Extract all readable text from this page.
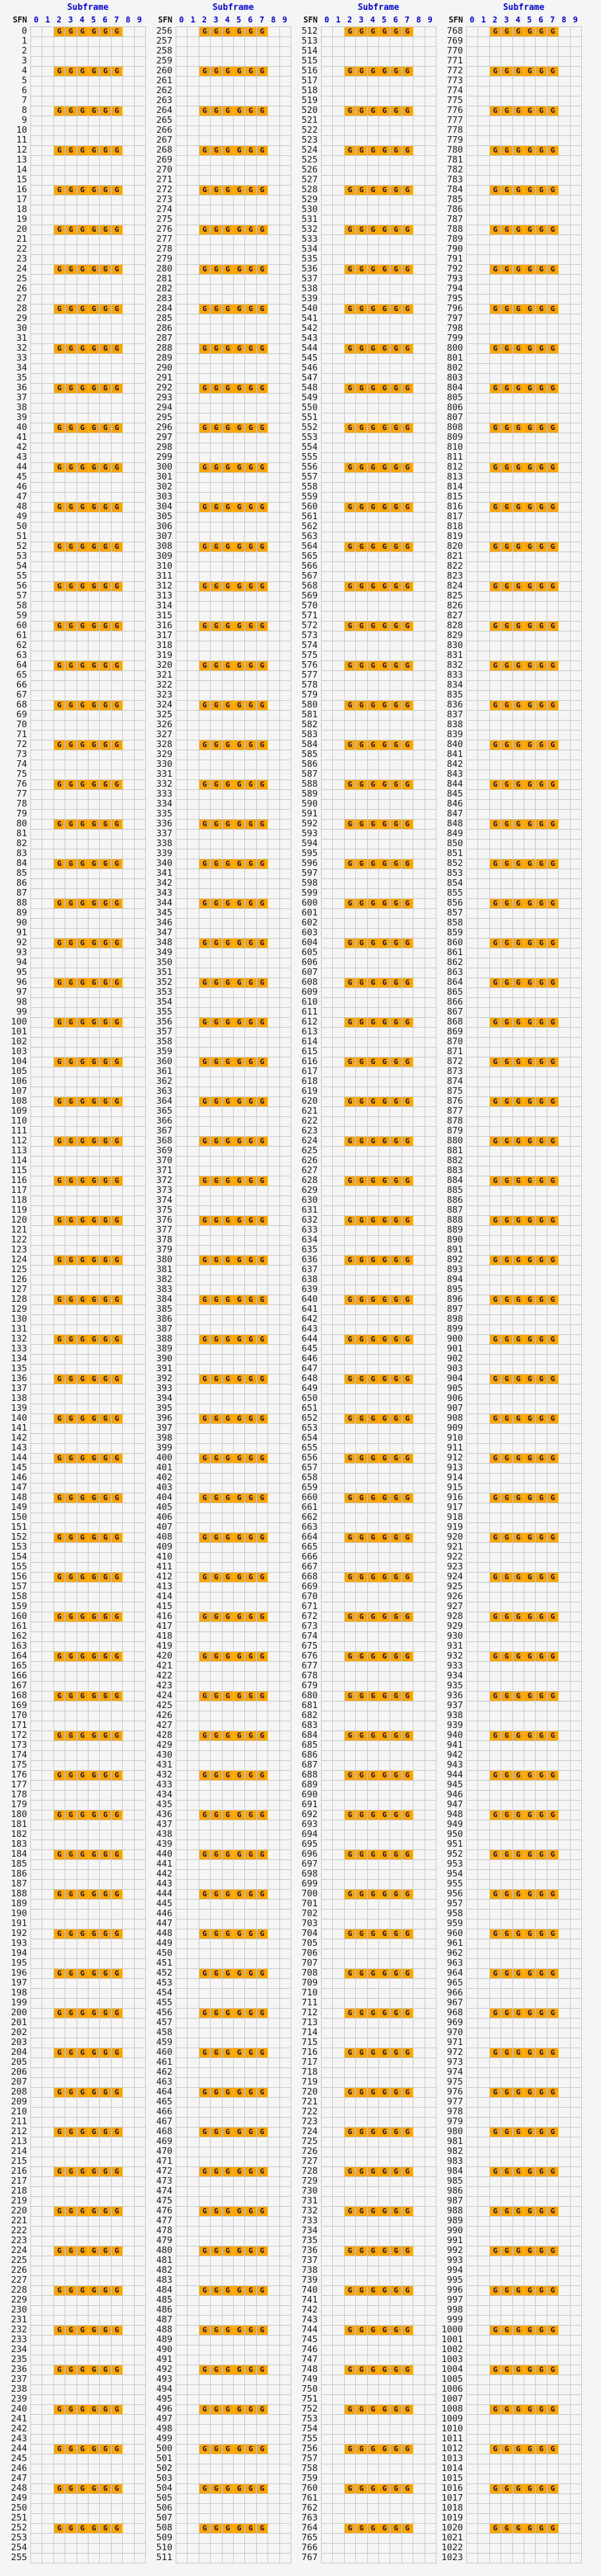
Subframe
SFN 0 1 2 3 4 5 6 7 8 9
0
1
2
3
4
5
6
7
8
9
10
11
12
13
14
15
16
17
18
19
20
21
22
23
24
25
26
27
28
29
30
31
32
33
34
35
36
37
38
39
40
41
42
43
44
45
46
47
48
49
50
51
52
53
54
55
56
57
58
59
60
61
62
63
64
65
66
67
68
69
70
71
72
73
74
75
76
77
78
79
80
81
82
83
84
85
86
87
88
89
90
91
92
93
94
95
96
97
98
99
100
101
102
103
104
105
106
107
108
109
110
111
112
113
114
115
116
117
118
119
120
121
122
123
124
125
126
127
128
129
130
131
132
133
134
135
136
137
138
139
140
141
142
143
144
145
146
147
148
149
150
151
152
153
154
155
156
157
158
159
160
161
162
163
164
165
166
167
168
169
170
171
172
173
174
175
176
177
178
179
180
181
182
183
184
185
186
187
188
189
190
191
192
193
194
195
196
197
198
199
200
201
202
203
204
205
206
207
208
209
210
211
212
213
214
215
216
217
218
219
220
221
222
223
224
225
226
227
228
229
230
231
232
233
234
235
236
237
238
239
240
241
242
243
244
245
246
247
248
249
250
251
252
253
254
255
G G G G G G
G G G G G G
G G G G G G
G G G G G G
G G G G G G
G G G G G G
G G G G G G
G G G G G G
G G G G G G
G G G G G G
G G G G G G
G G G G G G
G G G G G G
G G G G G G
G G G G G G
G G G G G G
G G G G G G
G G G G G G
G G G G G G
G G G G G G
G G G G G G
G G G G G G
G G G G G G
G G G G G G
G G G G G G
G G G G G G
G G G G G G
G G G G G G
G G G G G G
G G G G G G
G G G G G G
G G G G G G
G G G G G G
G G G G G G
G G G G G G
G G G G G G
G G G G G G
G G G G G G
G G G G G G
G G G G G G
G G G G G G
G G G G G G
G G G G G G
G G G G G G
G G G G G G
G G G G G G
G G G G G G
G G G G G G
G G G G G G
G G G G G G
G G G G G G
G G G G G G
G G G G G G
G G G G G G
G G G G G G
G G G G G G
G G G G G G
G G G G G G
G G G G G G
G G G G G G
G G G G G G
G G G G G G
G G G G G G
G G G G G G
Subframe
SFN 0 1 2 3 4 5 6 7 8 9
256
257
258
259
260
261
262
263
264
265
266
267
268
269
270
271
272
273
274
275
276
277
278
279
280
281
282
283
284
285
286
287
288
289
290
291
292
293
294
295
296
297
298
299
300
301
302
303
304
305
306
307
308
309
310
311
312
313
314
315
316
317
318
319
320
321
322
323
324
325
326
327
328
329
330
331
332
333
334
335
336
337
338
339
340
341
342
343
344
345
346
347
348
349
350
351
352
353
354
355
356
357
358
359
360
361
362
363
364
365
366
367
368
369
370
371
372
373
374
375
376
377
378
379
380
381
382
383
384
385
386
387
388
389
390
391
392
393
394
395
396
397
398
399
400
401
402
403
404
405
406
407
408
409
410
411
412
413
414
415
416
417
418
419
420
421
422
423
424
425
426
427
428
429
430
431
432
433
434
435
436
437
438
439
440
441
442
443
444
445
446
447
448
449
450
451
452
453
454
455
456
457
458
459
460
461
462
463
464
465
466
467
468
469
470
471
472
473
474
475
476
477
478
479
480
481
482
483
484
485
486
487
488
489
490
491
492
493
494
495
496
497
498
499
500
501
502
503
504
505
506
507
508
509
510
511
G G G G G G
G G G G G G
G G G G G G
G G G G G G
G G G G G G
G G G G G G
G G G G G G
G G G G G G
G G G G G G
G G G G G G
G G G G G G
G G G G G G
G G G G G G
G G G G G G
G G G G G G
G G G G G G
G G G G G G
G G G G G G
G G G G G G
G G G G G G
G G G G G G
G G G G G G
G G G G G G
G G G G G G
G G G G G G
G G G G G G
G G G G G G
G G G G G G
G G G G G G
G G G G G G
G G G G G G
G G G G G G
G G G G G G
G G G G G G
G G G G G G
G G G G G G
G G G G G G
G G G G G G
G G G G G G
G G G G G G
G G G G G G
G G G G G G
G G G G G G
G G G G G G
G G G G G G
G G G G G G
G G G G G G
G G G G G G
G G G G G G
G G G G G G
G G G G G G
G G G G G G
G G G G G G
G G G G G G
G G G G G G
G G G G G G
G G G G G G
G G G G G G
G G G G G G
G G G G G G
G G G G G G
G G G G G G
G G G G G G
G G G G G G
Subframe
SFN 0 1 2 3 4 5 6 7 8 9
512
513
514
515
516
517
518
519
520
521
522
523
524
525
526
527
528
529
530
531
532
533
534
535
536
537
538
539
540
541
542
543
544
545
546
547
548
549
550
551
552
553
554
555
556
557
558
559
560
561
562
563
564
565
566
567
568
569
570
571
572
573
574
575
576
577
578
579
580
581
582
583
584
585
586
587
588
589
590
591
592
593
594
595
596
597
598
599
600
601
602
603
604
605
606
607
608
609
610
611
612
613
614
615
616
617
618
619
620
621
622
623
624
625
626
627
628
629
630
631
632
633
634
635
636
637
638
639
640
641
642
643
644
645
646
647
648
649
650
651
652
653
654
655
656
657
658
659
660
661
662
663
664
665
666
667
668
669
670
671
672
673
674
675
676
677
678
679
680
681
682
683
684
685
686
687
688
689
690
691
692
693
694
695
696
697
698
699
700
701
702
703
704
705
706
707
708
709
710
711
712
713
714
715
716
717
718
719
720
721
722
723
724
725
726
727
728
729
730
731
732
733
734
735
736
737
738
739
740
741
742
743
744
745
746
747
748
749
750
751
752
753
754
755
756
757
758
759
760
761
762
763
764
765
766
767
G G G G G G
G G G G G G
G G G G G G
G G G G G G
G G G G G G
G G G G G G
G G G G G G
G G G G G G
G G G G G G
G G G G G G
G G G G G G
G G G G G G
G G G G G G
G G G G G G
G G G G G G
G G G G G G
G G G G G G
G G G G G G
G G G G G G
G G G G G G
G G G G G G
G G G G G G
G G G G G G
G G G G G G
G G G G G G
G G G G G G
G G G G G G
G G G G G G
G G G G G G
G G G G G G
G G G G G G
G G G G G G
G G G G G G
G G G G G G
G G G G G G
G G G G G G
G G G G G G
G G G G G G
G G G G G G
G G G G G G
G G G G G G
G G G G G G
G G G G G G
G G G G G G
G G G G G G
G G G G G G
G G G G G G
G G G G G G
G G G G G G
G G G G G G
G G G G G G
G G G G G G
G G G G G G
G G G G G G
G G G G G G
G G G G G G
G G G G G G
G G G G G G
G G G G G G
G G G G G G
G G G G G G
G G G G G G
G G G G G G
G G G G G G
Subframe
SFN 0 1 2 3 4 5 6 7 8 9
768
769
770
771
772
773
774
775
776
777
778
779
780
781
782
783
784
785
786
787
788
789
790
791
792
793
794
795
796
797
798
799
800
801
802
803
804
805
806
807
808
809
810
811
812
813
814
815
816
817
818
819
820
821
822
823
824
825
826
827
828
829
830
831
832
833
834
835
836
837
838
839
840
841
842
843
844
845
846
847
848
849
850
851
852
853
854
855
856
857
858
859
860
861
862
863
864
865
866
867
868
869
870
871
872
873
874
875
876
877
878
879
880
881
882
883
884
885
886
887
888
889
890
891
892
893
894
895
896
897
898
899
900
901
902
903
904
905
906
907
908
909
910
911
912
913
914
915
916
917
918
919
920
921
922
923
924
925
926
927
928
929
930
931
932
933
934
935
936
937
938
939
940
941
942
943
944
945
946
947
948
949
950
951
952
953
954
955
956
957
958
959
960
961
962
963
964
965
966
967
968
969
970
971
972
973
974
975
976
977
978
979
980
981
982
983
984
985
986
987
988
989
990
991
992
993
994
995
996
997
998
999
1000
1001
1002
1003
1004
1005
1006
1007
1008
1009
1010
1011
1012
1013
1014
1015
1016
1017
1018
1019
1020
1021
1022
1023
G G G G G G
G G G G G G
G G G G G G
G G G G G G
G G G G G G
G G G G G G
G G G G G G
G G G G G G
G G G G G G
G G G G G G
G G G G G G
G G G G G G
G G G G G G
G G G G G G
G G G G G G
G G G G G G
G G G G G G
G G G G G G
G G G G G G
G G G G G G
G G G G G G
G G G G G G
G G G G G G
G G G G G G
G G G G G G
G G G G G G
G G G G G G
G G G G G G
G G G G G G
G G G G G G
G G G G G G
G G G G G G
G G G G G G
G G G G G G
G G G G G G
G G G G G G
G G G G G G
G G G G G G
G G G G G G
G G G G G G
G G G G G G
G G G G G G
G G G G G G
G G G G G G
G G G G G G
G G G G G G
G G G G G G
G G G G G G
G G G G G G
G G G G G G
G G G G G G
G G G G G G
G G G G G G
G G G G G G
G G G G G G
G G G G G G
G G G G G G
G G G G G G
G G G G G G
G G G G G G
G G G G G G
G G G G G G
G G G G G G
G G G G G G
